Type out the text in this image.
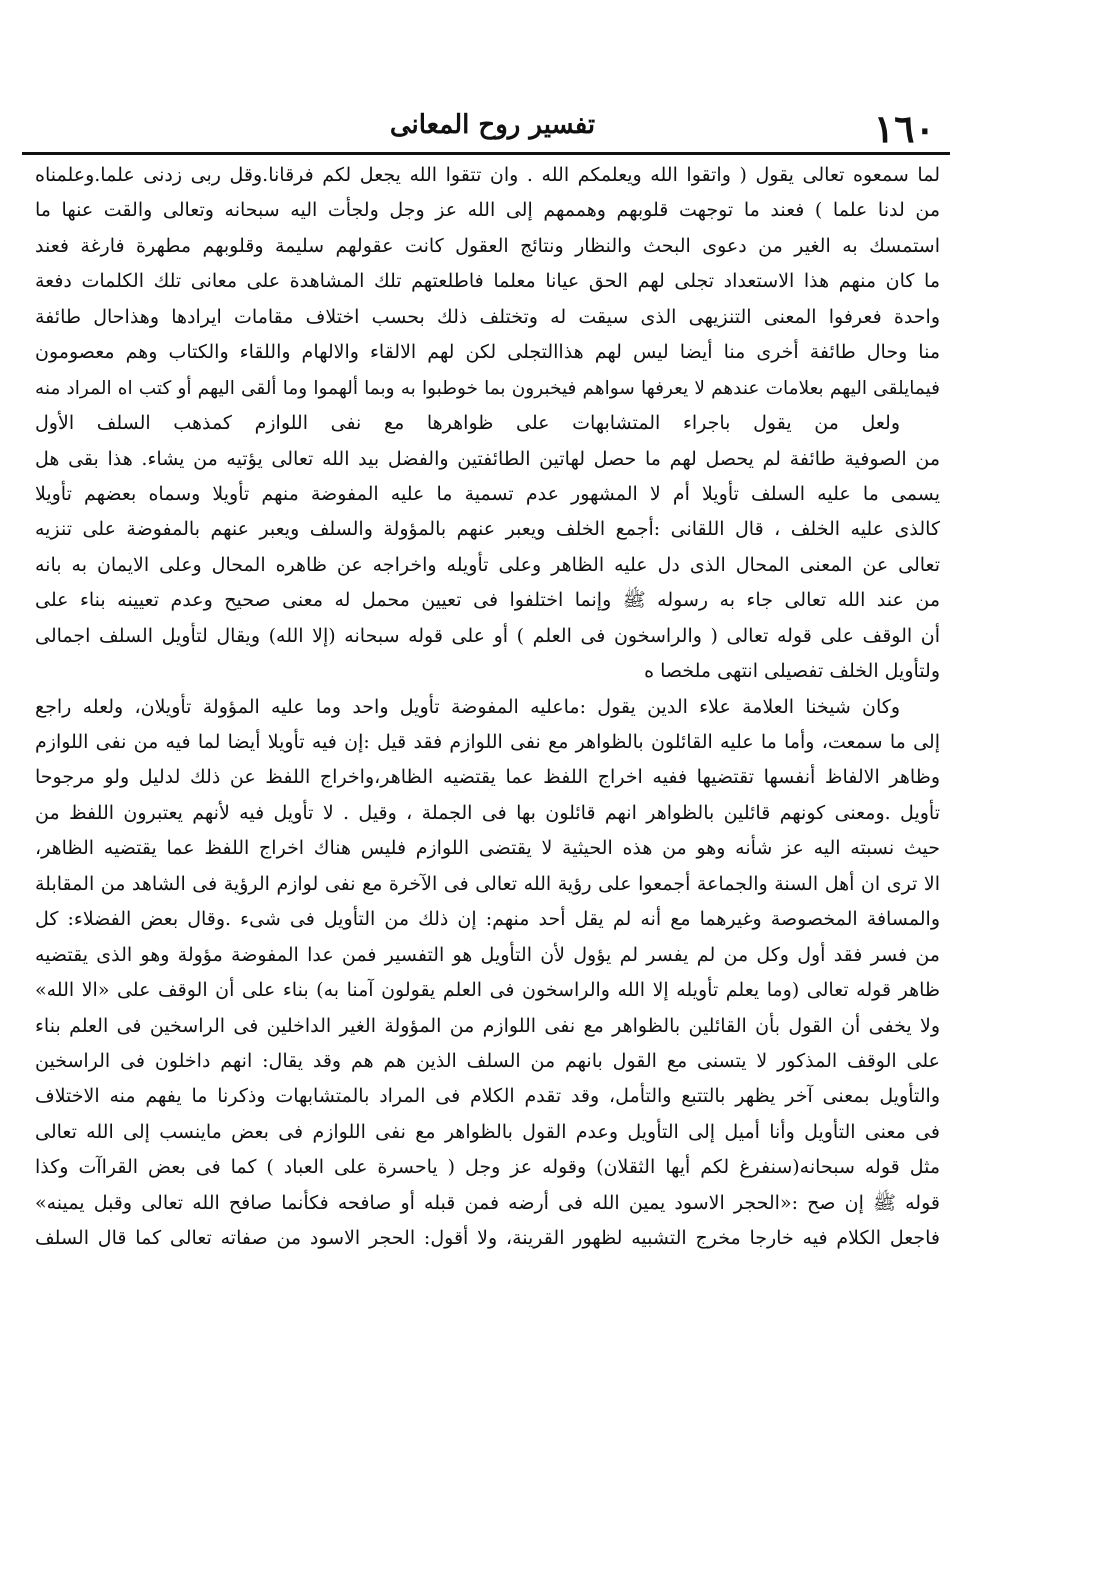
١٦٠
تفسير روح المعانى
لما سمعوه تعالى يقول ( واتقوا الله ويعلمكم الله . وان تتقوا الله يجعل لكم فرقانا.وقل ربى زدنى علما.وعلمناه
من لدنا علما ) فعند ما توجهت قلوبهم وهممهم إلى الله عز وجل ولجأت اليه سبحانه وتعالى والقت عنها ما
استمسك به الغير من دعوى البحث والنظار ونتائج العقول كانت عقولهم سليمة وقلوبهم مطهرة فارغة فعند
ما كان منهم هذا الاستعداد تجلى لهم الحق عيانا معلما فاطلعتهم تلك المشاهدة على معانى تلك الكلمات دفعة
واحدة فعرفوا المعنى التنزيهى الذى سيقت له وتختلف ذلك بحسب اختلاف مقامات ايرادها وهذاحال طائفة
منا وحال طائفة أخرى منا أيضا ليس لهم هذاالتجلى لكن لهم الالقاء والالهام واللقاء والكتاب وهم معصومون
فيمايلقى اليهم بعلامات عندهم لا يعرفها سواهم فيخبرون بما خوطبوا به وبما ألهموا وما ألقى اليهم أو كتب اه المراد منه
ولعل من يقول باجراء المتشابهات على ظواهرها مع نفى اللوازم كمذهب السلف الأول
من الصوفية طائفة لم يحصل لهم ما حصل لهاتين الطائفتين والفضل بيد الله تعالى يؤتيه من يشاء. هذا بقى هل
يسمى ما عليه السلف تأويلا أم لا المشهور عدم تسمية ما عليه المفوضة منهم تأويلا وسماه بعضهم تأويلا
كالذى عليه الخلف ، قال اللقانى :أجمع الخلف ويعبر عنهم بالمؤولة والسلف ويعبر عنهم بالمفوضة على تنزيه
تعالى عن المعنى المحال الذى دل عليه الظاهر وعلى تأويله واخراجه عن ظاهره المحال وعلى الايمان به بانه
من عند الله تعالى جاء به رسوله ﷺ وإنما اختلفوا فى تعيين محمل له معنى صحيح وعدم تعيينه بناء على
أن الوقف على قوله تعالى ( والراسخون فى العلم ) أو على قوله سبحانه (إلا الله) ويقال لتأويل السلف اجمالى
ولتأويل الخلف تفصيلى انتهى ملخصا ه
وكان شيخنا العلامة علاء الدين يقول :ماعليه المفوضة تأويل واحد وما عليه المؤولة تأويلان، ولعله راجع
إلى ما سمعت، وأما ما عليه القائلون بالظواهر مع نفى اللوازم فقد قيل :إن فيه تأويلا أيضا لما فيه من نفى اللوازم
وظاهر الالفاظ أنفسها تقتضيها ففيه اخراج اللفظ عما يقتضيه الظاهر،واخراج اللفظ عن ذلك لدليل ولو مرجوحا
تأويل .ومعنى كونهم قائلين بالظواهر انهم قائلون بها فى الجملة ، وقيل . لا تأويل فيه لأنهم يعتبرون اللفظ من
حيث نسبته اليه عز شأنه وهو من هذه الحيثية لا يقتضى اللوازم فليس هناك اخراج اللفظ عما يقتضيه الظاهر،
الا ترى ان أهل السنة والجماعة أجمعوا على رؤية الله تعالى فى الآخرة مع نفى لوازم الرؤية فى الشاهد من المقابلة
والمسافة المخصوصة وغيرهما مع أنه لم يقل أحد منهم: إن ذلك من التأويل فى شىء .وقال بعض الفضلاء: كل
من فسر فقد أول وكل من لم يفسر لم يؤول لأن التأويل هو التفسير فمن عدا المفوضة مؤولة وهو الذى يقتضيه
ظاهر قوله تعالى (وما يعلم تأويله إلا الله والراسخون فى العلم يقولون آمنا به) بناء على أن الوقف على «الا الله»
ولا يخفى أن القول بأن القائلين بالظواهر مع نفى اللوازم من المؤولة الغير الداخلين فى الراسخين فى العلم بناء
على الوقف المذكور لا يتسنى مع القول بانهم من السلف الذين هم هم وقد يقال: انهم داخلون فى الراسخين
والتأويل بمعنى آخر يظهر بالتتبع والتأمل، وقد تقدم الكلام فى المراد بالمتشابهات وذكرنا ما يفهم منه الاختلاف
فى معنى التأويل وأنا أميل إلى التأويل وعدم القول بالظواهر مع نفى اللوازم فى بعض ماينسب إلى الله تعالى
مثل قوله سبحانه(سنفرغ لكم أيها الثقلان) وقوله عز وجل ( ياحسرة على العباد ) كما فى بعض القراآت وكذا
قوله ﷺ إن صح :«الحجر الاسود يمين الله فى أرضه فمن قبله أو صافحه فكأنما صافح الله تعالى وقبل يمينه»
فاجعل الكلام فيه خارجا مخرج التشبيه لظهور القرينة، ولا أقول: الحجر الاسود من صفاته تعالى كما قال السلف
